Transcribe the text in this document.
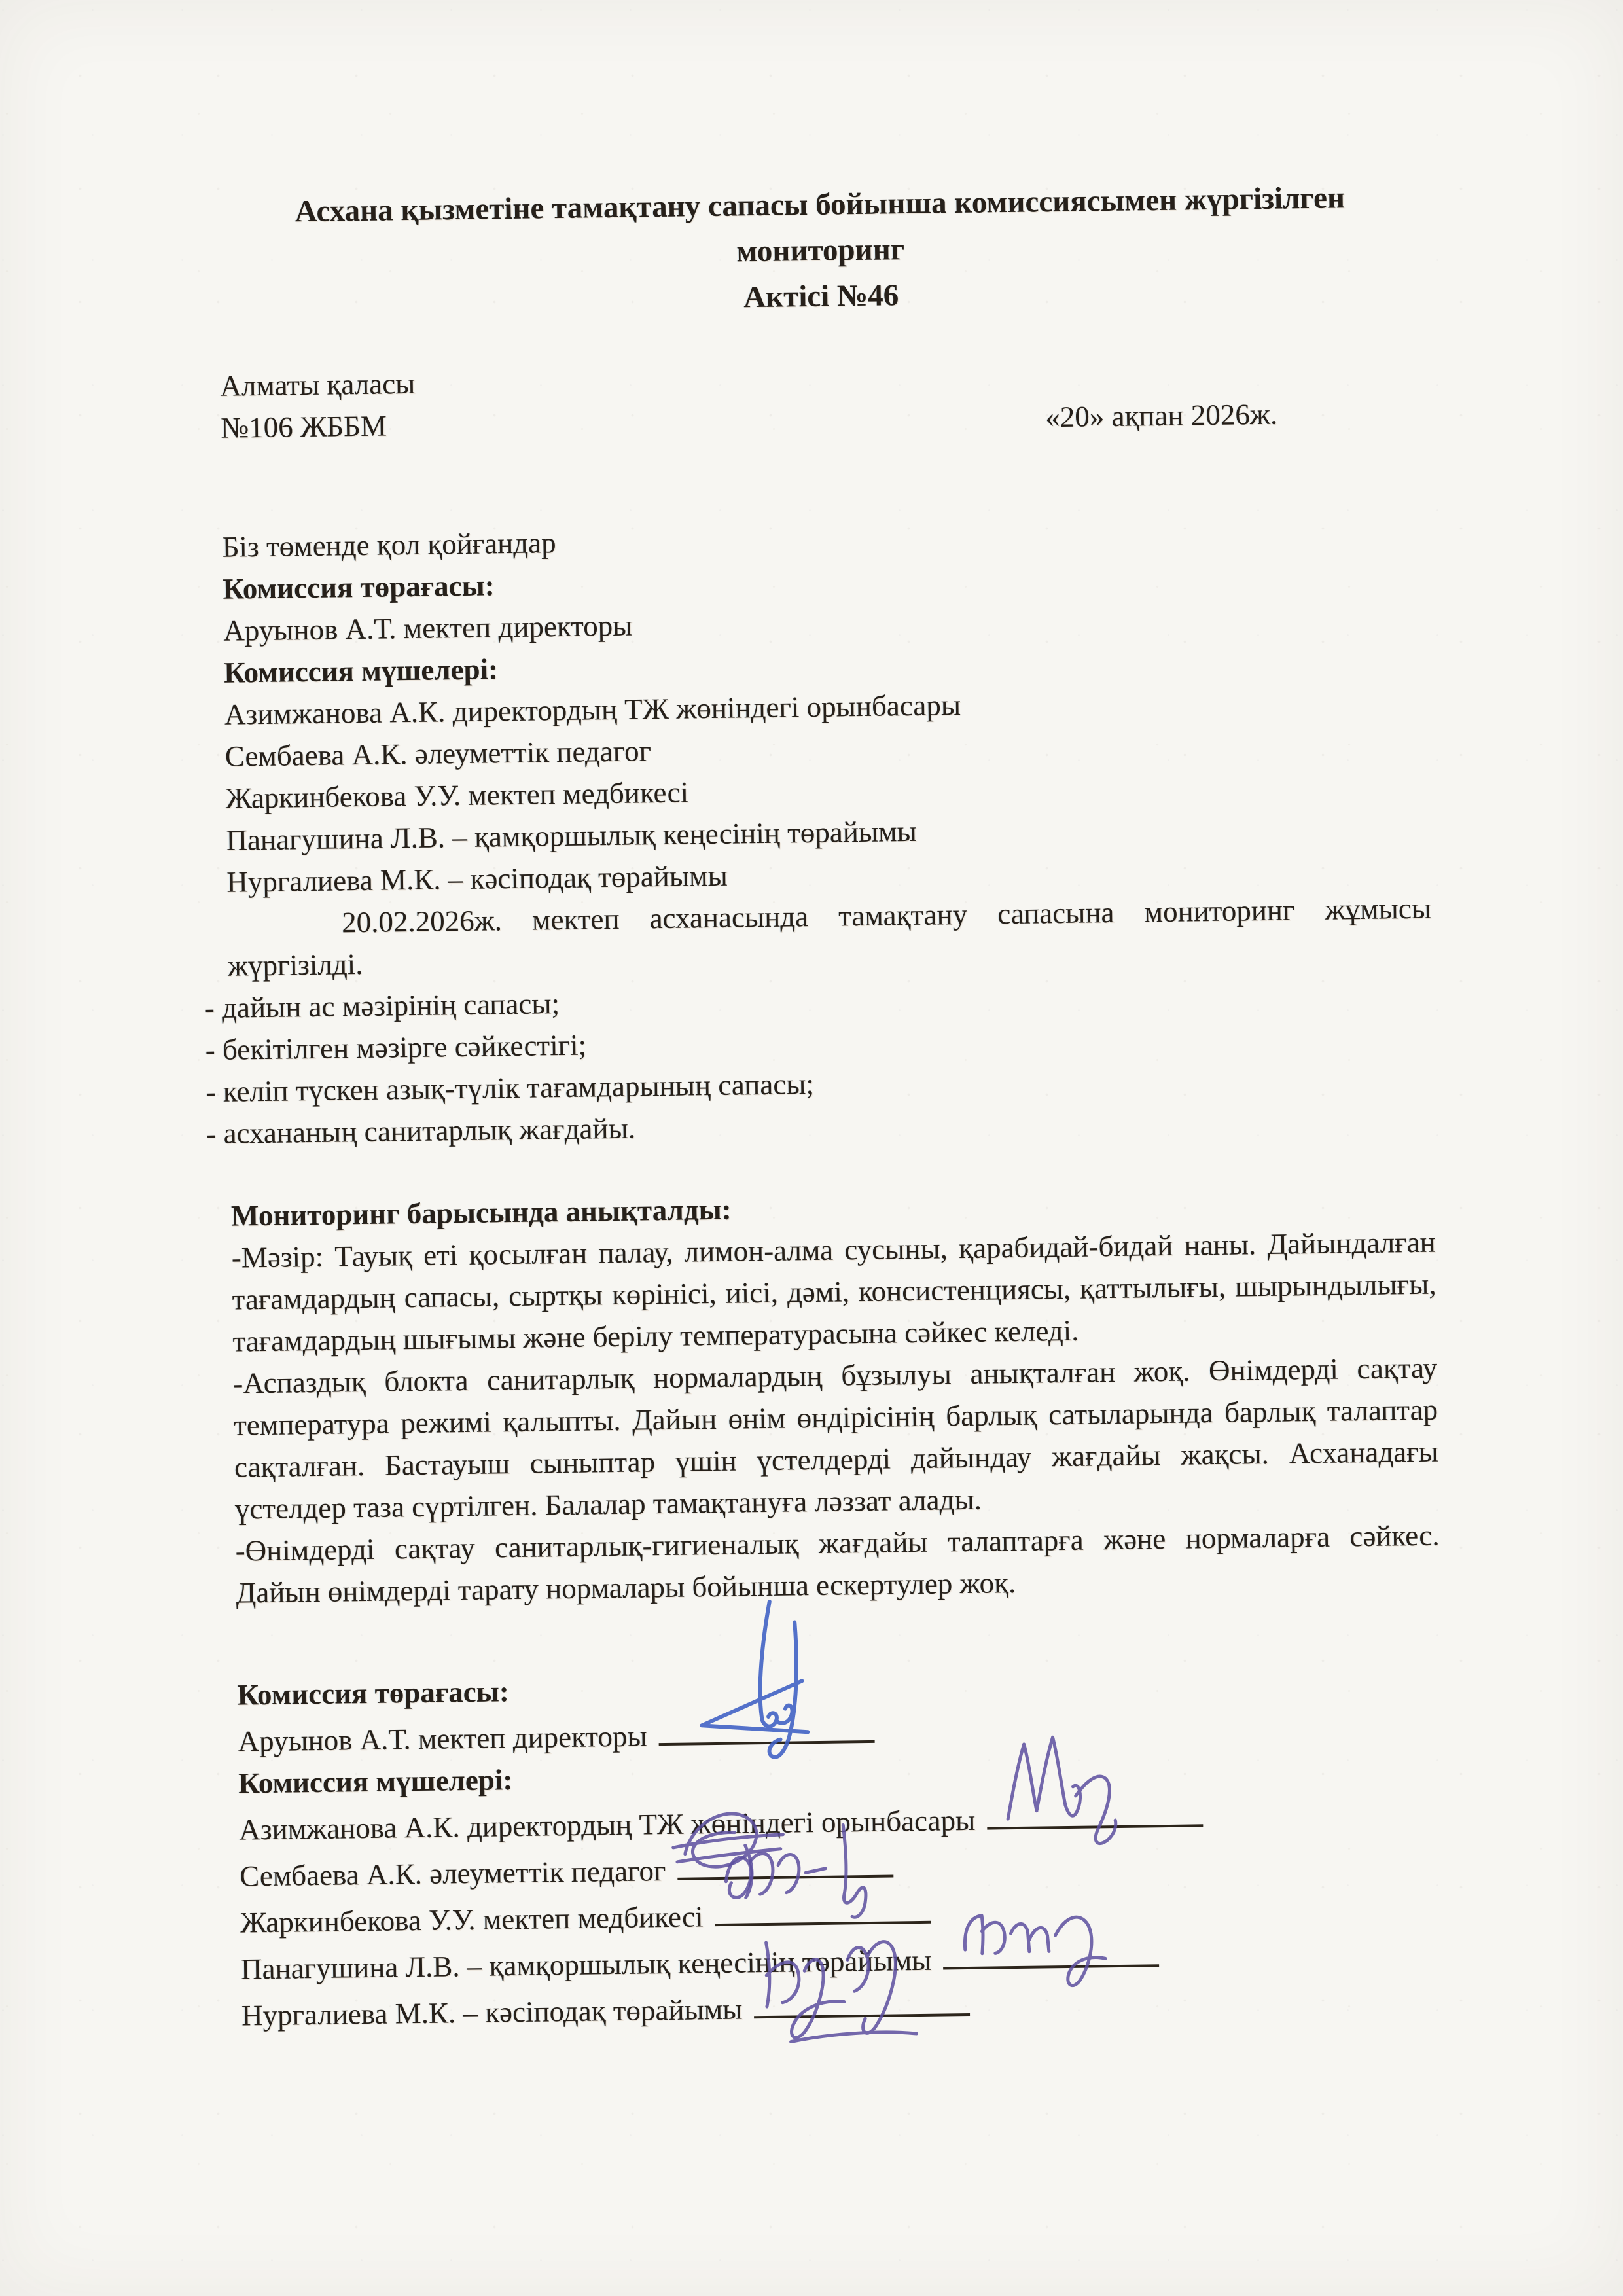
Асхана қызметіне тамақтану сапасы бойынша комиссиясымен жүргізілген
мониторинг
Актісі №46
Алматы қаласы
№106 ЖББМ	«20» ақпан 2026ж.
Біз төменде қол қойғандар
Комиссия төрағасы:
Аруынов А.Т. мектеп директоры
Комиссия мүшелері:
Азимжанова А.К. директордың ТЖ жөніндегі орынбасары
Сембаева А.К. әлеуметтік педагог
Жаркинбекова У.У. мектеп медбикесі
Панагушина Л.В. – қамқоршылық кеңесінің төрайымы
Нургалиева М.К. – кәсіподақ төрайымы

20.02.2026ж. мектеп асханасында тамақтану сапасына мониторинг жұмысы жүргізілді.

- дайын ас мәзірінің сапасы;
- бекітілген мәзірге сәйкестігі;
- келіп түскен азық-түлік тағамдарының сапасы;
- асхананың санитарлық жағдайы.
Мониторинг барысында анықталды:

-Мәзір: Тауық еті қосылған палау, лимон-алма сусыны, қарабидай-бидай наны. Дайындалған тағамдардың сапасы, сыртқы көрінісі, иісі, дәмі, консистенциясы, қаттылығы, шырындылығы, тағамдардың шығымы және берілу температурасына сәйкес келеді.

-Аспаздық блокта санитарлық нормалардың бұзылуы анықталған жоқ. Өнімдерді сақтау температура режимі қалыпты. Дайын өнім өндірісінің барлық сатыларында барлық талаптар сақталған. Бастауыш сыныптар үшін үстелдерді дайындау жағдайы жақсы. Асханадағы үстелдер таза сүртілген. Балалар тамақтануға ләззат алады.

-Өнімдерді сақтау санитарлық-гигиеналық жағдайы талаптарға және нормаларға сәйкес. Дайын өнімдерді тарату нормалары бойынша ескертулер жоқ.

Комиссия төрағасы:
Аруынов А.Т. мектеп директоры
Комиссия мүшелері:
Азимжанова А.К. директордың ТЖ жөніндегі орынбасары
Сембаева А.К. әлеуметтік педагог
Жаркинбекова У.У. мектеп медбикесі
Панагушина Л.В. – қамқоршылық кеңесінің төрайымы
Нургалиева М.К. – кәсіподақ төрайымы
